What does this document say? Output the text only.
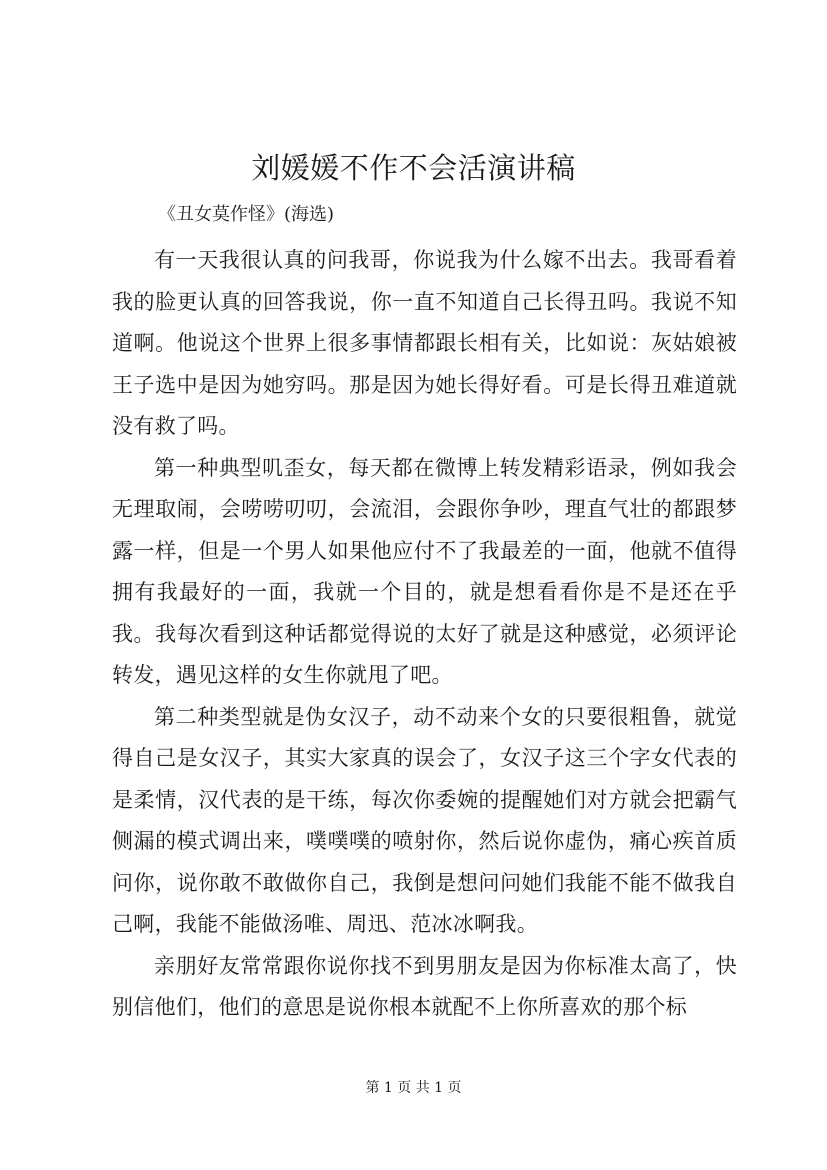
刘媛媛不作不会活演讲稿
《丑女莫作怪》(海选)

有一天我很认真的问我哥，你说我为什么嫁不出去。我哥看着我的脸更认真的回答我说，你一直不知道自己长得丑吗。我说不知道啊。他说这个世界上很多事情都跟长相有关，比如说：灰姑娘被王子选中是因为她穷吗。那是因为她长得好看。可是长得丑难道就没有救了吗。

第一种典型叽歪女，每天都在微博上转发精彩语录，例如我会无理取闹，会唠唠叨叨，会流泪，会跟你争吵，理直气壮的都跟梦露一样，但是一个男人如果他应付不了我最差的一面，他就不值得拥有我最好的一面，我就一个目的，就是想看看你是不是还在乎我。我每次看到这种话都觉得说的太好了就是这种感觉，必须评论转发，遇见这样的女生你就甩了吧。

第二种类型就是伪女汉子，动不动来个女的只要很粗鲁，就觉得自己是女汉子，其实大家真的误会了，女汉子这三个字女代表的是柔情，汉代表的是干练，每次你委婉的提醒她们对方就会把霸气侧漏的模式调出来，噗噗噗的喷射你，然后说你虚伪，痛心疾首质问你，说你敢不敢做你自己，我倒是想问问她们我能不能不做我自己啊，我能不能做汤唯、周迅、范冰冰啊我。

亲朋好友常常跟你说你找不到男朋友是因为你标准太高了，快别信他们，他们的意思是说你根本就配不上你所喜欢的那个标

第 1 页 共 1 页
